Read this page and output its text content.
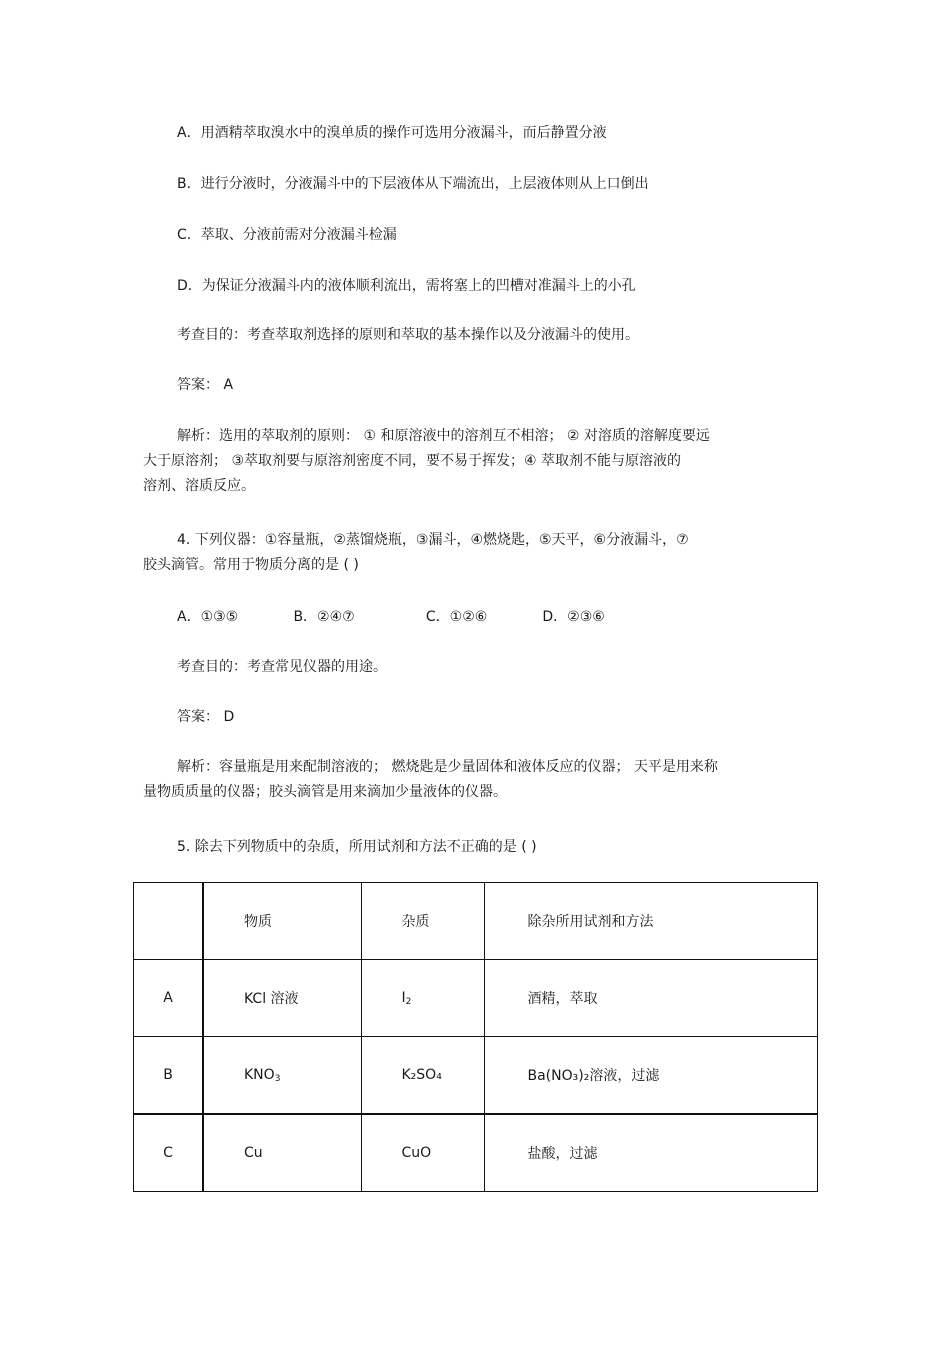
A．用酒精萃取溴水中的溴单质的操作可选用分液漏斗，而后静置分液
B．进行分液时，分液漏斗中的下层液体从下端流出，上层液体则从上口倒出
C．萃取、分液前需对分液漏斗检漏
D．为保证分液漏斗内的液体顺利流出，需将塞上的凹槽对准漏斗上的小孔
考查目的：考查萃取剂选择的原则和萃取的基本操作以及分液漏斗的使用。
答案： A

解析：选用的萃取剂的原则： ① 和原溶液中的溶剂互不相溶； ② 对溶质的溶解度要远

大于原溶剂； ③萃取剂要与原溶剂密度不同，要不易于挥发；④ 萃取剂不能与原溶液的

溶剂、溶质反应。

4. 下列仪器：①容量瓶，②蒸馏烧瓶，③漏斗，④燃烧匙，⑤天平，⑥分液漏斗，⑦

胶头滴管。常用于物质分离的是 ( )

A．①③⑤	B．②④⑦	C．①②⑥	D．②③⑥
考查目的：考查常见仪器的用途。
答案： D

解析：容量瓶是用来配制溶液的； 燃烧匙是少量固体和液体反应的仪器； 天平是用来称

量物质质量的仪器；胶头滴管是用来滴加少量液体的仪器。

5. 除去下列物质中的杂质，所用试剂和方法不正确的是 ( )
	物质	杂质	除杂所用试剂和方法
A	KCl 溶液	$I_2$	酒精，萃取
B	$KNO_3$	K₂SO₄	Ba(NO₃)₂溶液，过滤
C	Cu	CuO	盐酸，过滤
